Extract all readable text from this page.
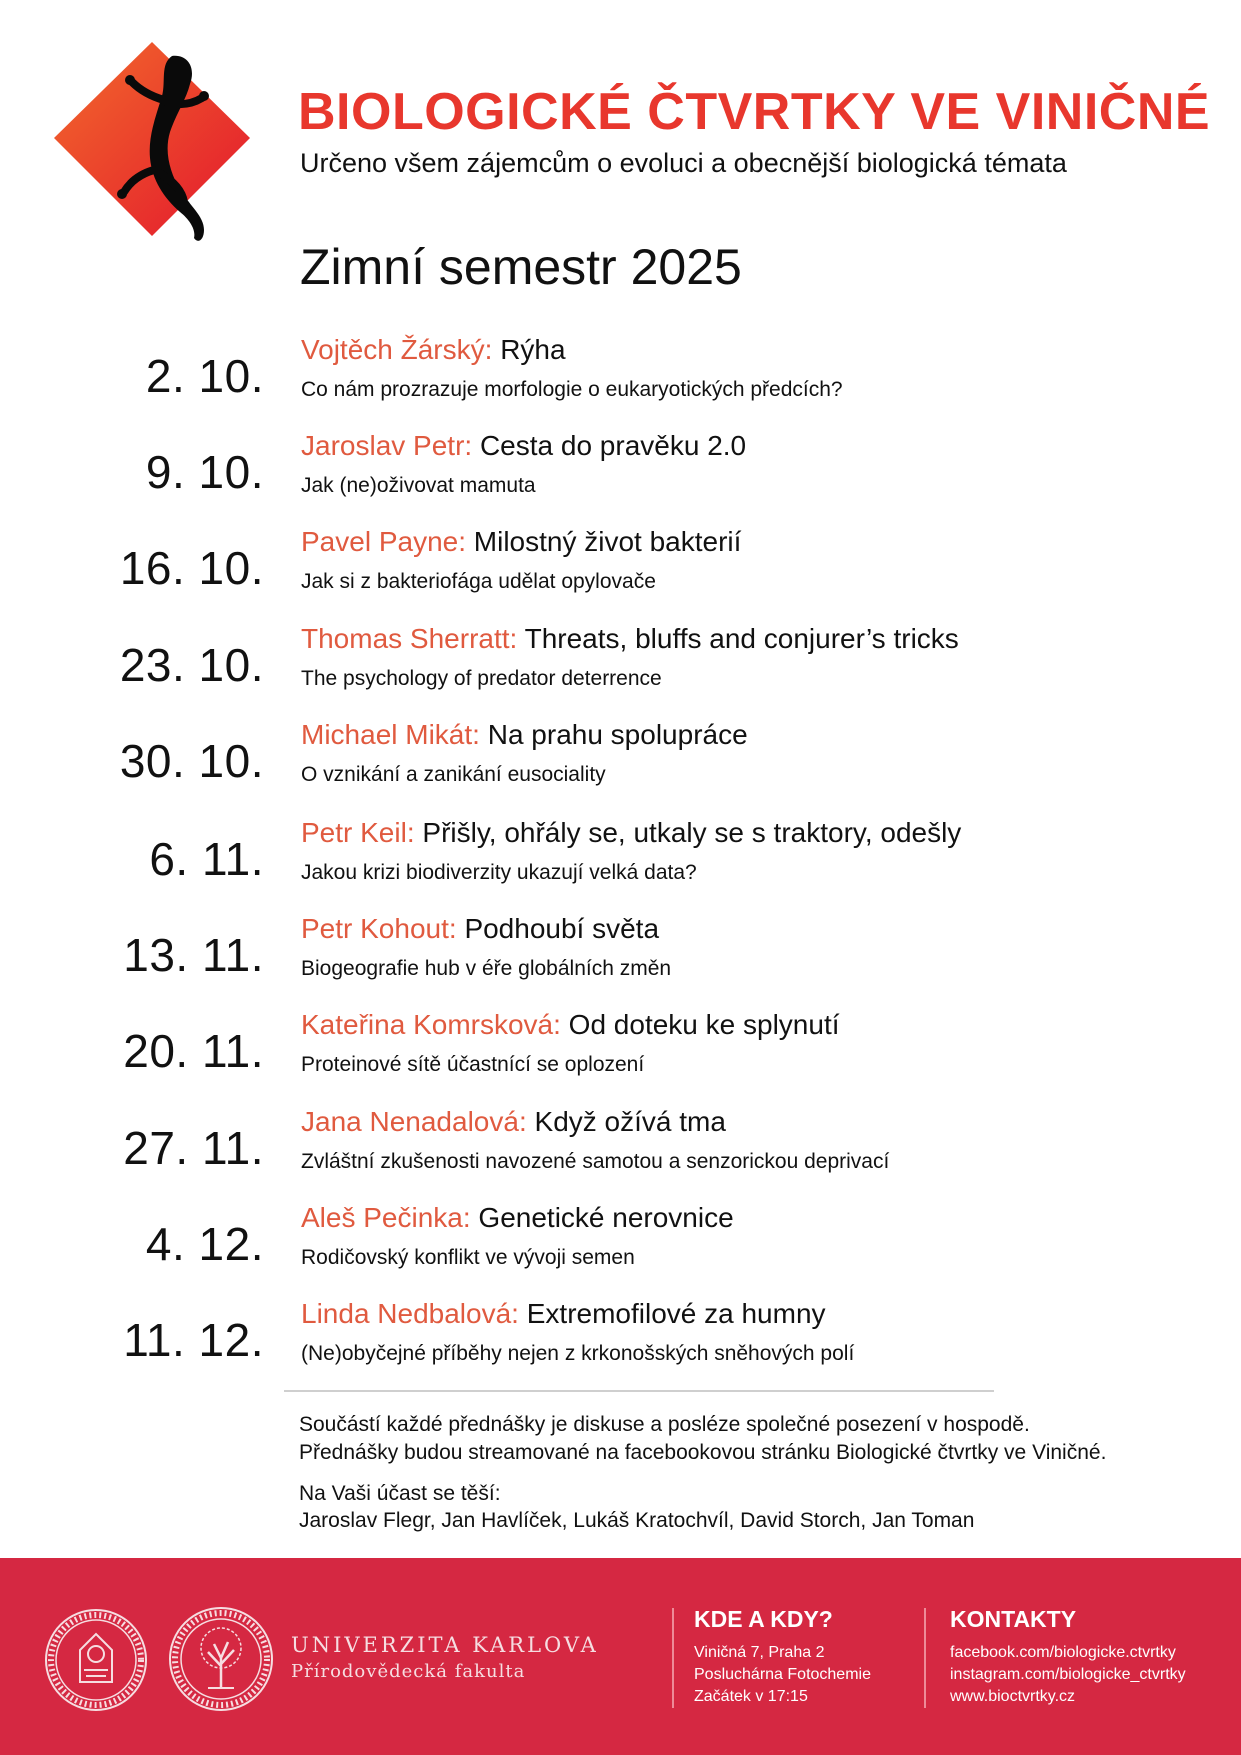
BIOLOGICKÉ ČTVRTKY VE VINIČNÉ
Určeno všem zájemcům o evoluci a obecnější biologická témata
Zimní semestr 2025
2. 10.
Vojtěch Žárský: Rýha
Co nám prozrazuje morfologie o eukaryotických předcích?
9. 10.
Jaroslav Petr: Cesta do pravěku 2.0
Jak (ne)oživovat mamuta
16. 10.
Pavel Payne: Milostný život bakterií
Jak si z bakteriofága udělat opylovače
23. 10.
Thomas Sherratt: Threats, bluffs and conjurer’s tricks
The psychology of predator deterrence
30. 10.
Michael Mikát: Na prahu spolupráce
O vznikání a zanikání eusociality
6. 11.
Petr Keil: Přišly, ohřály se, utkaly se s traktory, odešly
Jakou krizi biodiverzity ukazují velká data?
13. 11.
Petr Kohout: Podhoubí světa
Biogeografie hub v éře globálních změn
20. 11.
Kateřina Komrsková: Od doteku ke splynutí
Proteinové sítě účastnící se oplození
27. 11.
Jana Nenadalová: Když ožívá tma
Zvláštní zkušenosti navozené samotou a senzorickou deprivací
4. 12.
Aleš Pečinka: Genetické nerovnice
Rodičovský konflikt ve vývoji semen
11. 12.
Linda Nedbalová: Extremofilové za humny
(Ne)obyčejné příběhy nejen z krkonošských sněhových polí
Součástí každé přednášky je diskuse a posléze společné posezení v hospodě.
Přednášky budou streamované na facebookovou stránku Biologické čtvrtky ve Viničné.
Na Vaši účast se těší:
Jaroslav Flegr, Jan Havlíček, Lukáš Kratochvíl, David Storch, Jan Toman
UNIVERZITA KARLOVA
Přírodovědecká fakulta
KDE A KDY?
Viničná 7, Praha 2
Posluchárna Fotochemie
Začátek v 17:15
KONTAKTY
facebook.com/biologicke.ctvrtky
instagram.com/biologicke_ctvrtky
www.bioctvrtky.cz
